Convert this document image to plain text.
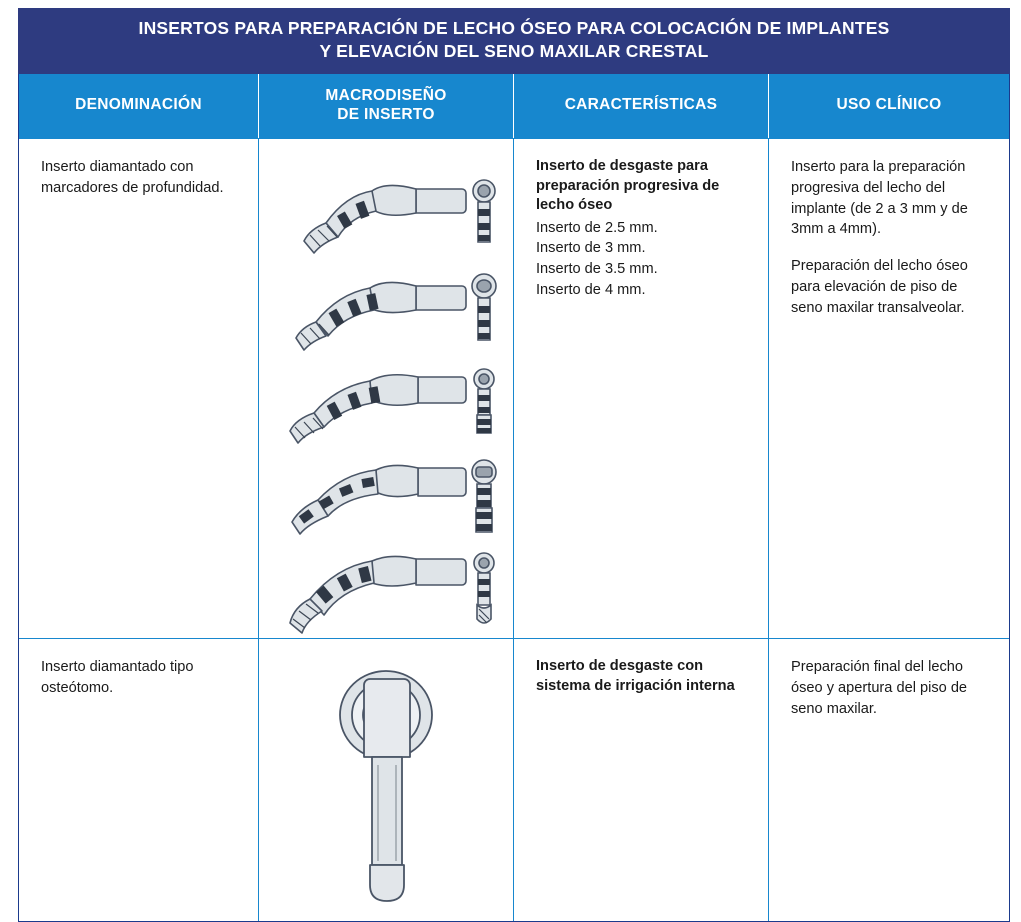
INSERTOS PARA PREPARACIÓN DE LECHO ÓSEO PARA COLOCACIÓN DE IMPLANTES
Y ELEVACIÓN DEL SENO MAXILAR CRESTAL
DENOMINACIÓN
MACRODISEÑO
DE INSERTO
CARACTERÍSTICAS	USO CLÍNICO
Inserto diamantado con marcadores de profundidad.
Inserto de desgaste para preparación progresiva de lecho óseo
Inserto de 2.5 mm.
Inserto de 3 mm.
Inserto de 3.5 mm.
Inserto de 4 mm.

Inserto para la preparación progresiva del lecho del implante (de 2 a 3 mm y de 3mm a 4mm).

Preparación del lecho óseo para elevación de piso de seno maxilar transalveolar.

Inserto diamantado tipo osteótomo.
Inserto de desgaste con sistema de irrigación interna

Preparación final del lecho óseo y apertura del piso de seno maxilar.
